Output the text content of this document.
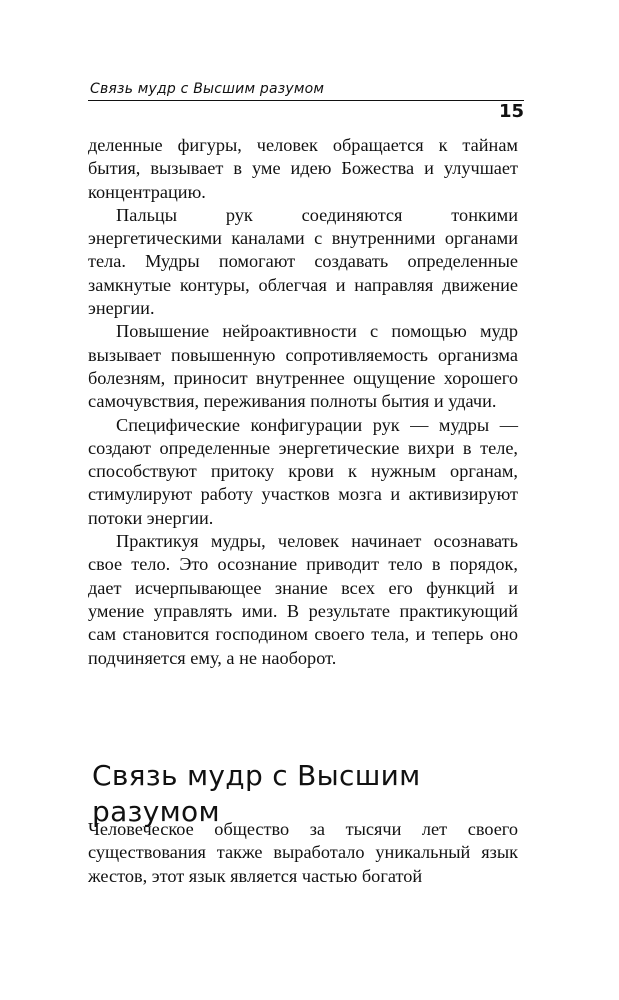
Связь мудр с Высшим разумом
15

деленные фигуры, человек обращается к тайнам бытия, вызывает в уме идею Божества и улучшает концентрацию.

Пальцы рук соединяются тонкими энергетическими каналами с внутренними органами тела. Мудры помогают создавать определенные замкнутые контуры, облегчая и направляя движение энергии.

Повышение нейроактивности с помощью мудр вызывает повышенную сопротивляемость организма болезням, приносит внутреннее ощущение хорошего самочувствия, переживания полноты бытия и удачи.

Специфические конфигурации рук — мудры — создают определенные энергетические вихри в теле, способствуют притоку крови к нужным органам, стимулируют работу участков мозга и активизируют потоки энергии.

Практикуя мудры, человек начинает осознавать свое тело. Это осознание приводит тело в порядок, дает исчерпывающее знание всех его функций и умение управлять ими. В результате практикующий сам становится господином своего тела, и теперь оно подчиняется ему, а не наоборот.

Связь мудр с Высшим разумом

Человеческое общество за тысячи лет своего существования также выработало уникальный язык жестов, этот язык является частью богатой
